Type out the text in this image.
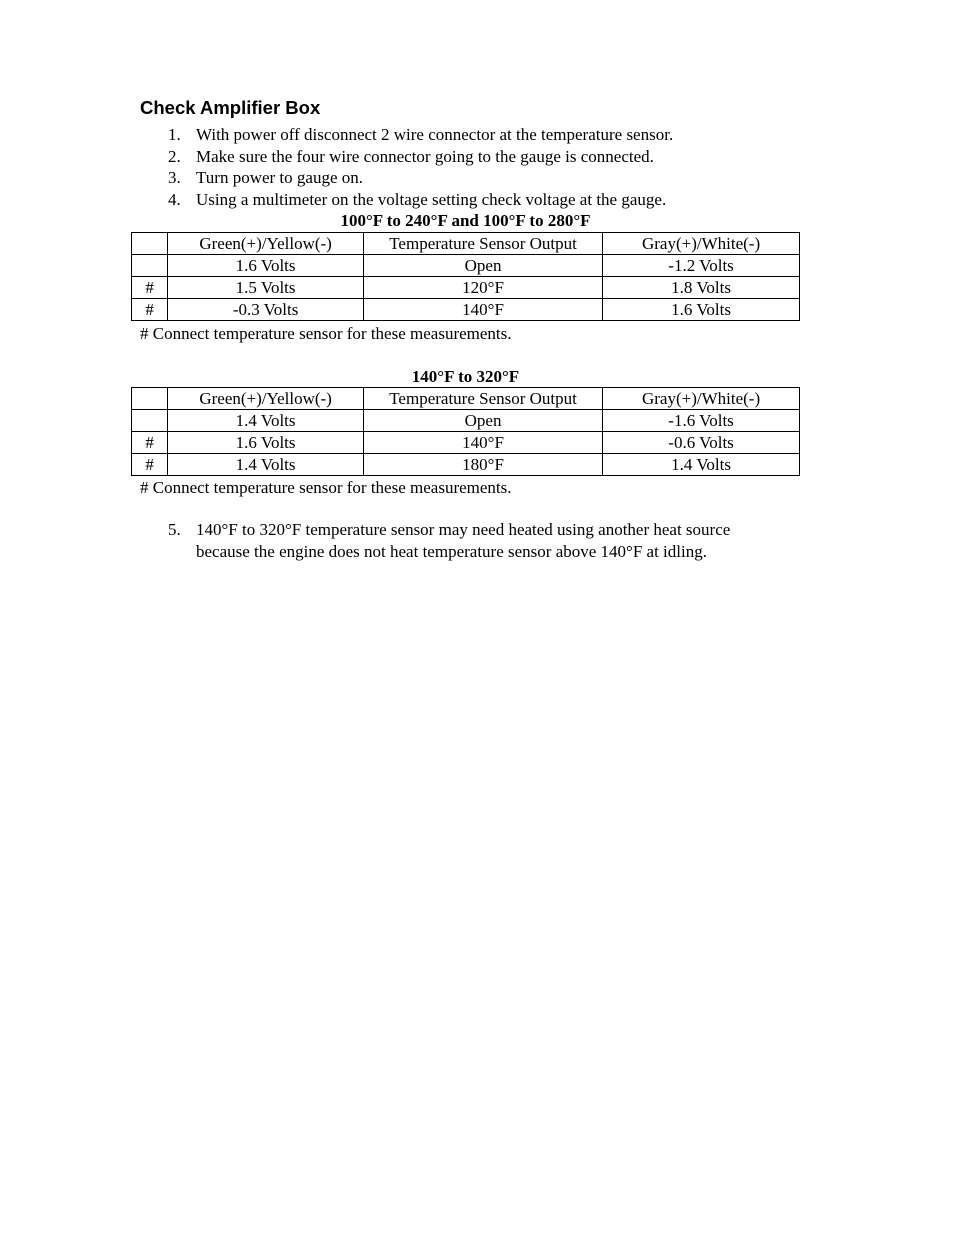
Check Amplifier Box
1. With power off disconnect 2 wire connector at the temperature sensor.
2. Make sure the four wire connector going to the gauge is connected.
3. Turn power to gauge on.
4. Using a multimeter on the voltage setting check voltage at the gauge.
100°F to 240°F and 100°F to 280°F
	Green(+)/Yellow(-)	Temperature Sensor Output	Gray(+)/White(-)
	1.6 Volts	Open	-1.2 Volts
#	1.5 Volts	120°F	1.8 Volts
#	-0.3 Volts	140°F	1.6 Volts

# Connect temperature sensor for these measurements.

140°F to 320°F
	Green(+)/Yellow(-)	Temperature Sensor Output	Gray(+)/White(-)
	1.4 Volts	Open	-1.6 Volts
#	1.6 Volts	140°F	-0.6 Volts
#	1.4 Volts	180°F	1.4 Volts

# Connect temperature sensor for these measurements.

5. 140°F to 320°F temperature sensor may need heated using another heat source
because the engine does not heat temperature sensor above 140°F at idling.
